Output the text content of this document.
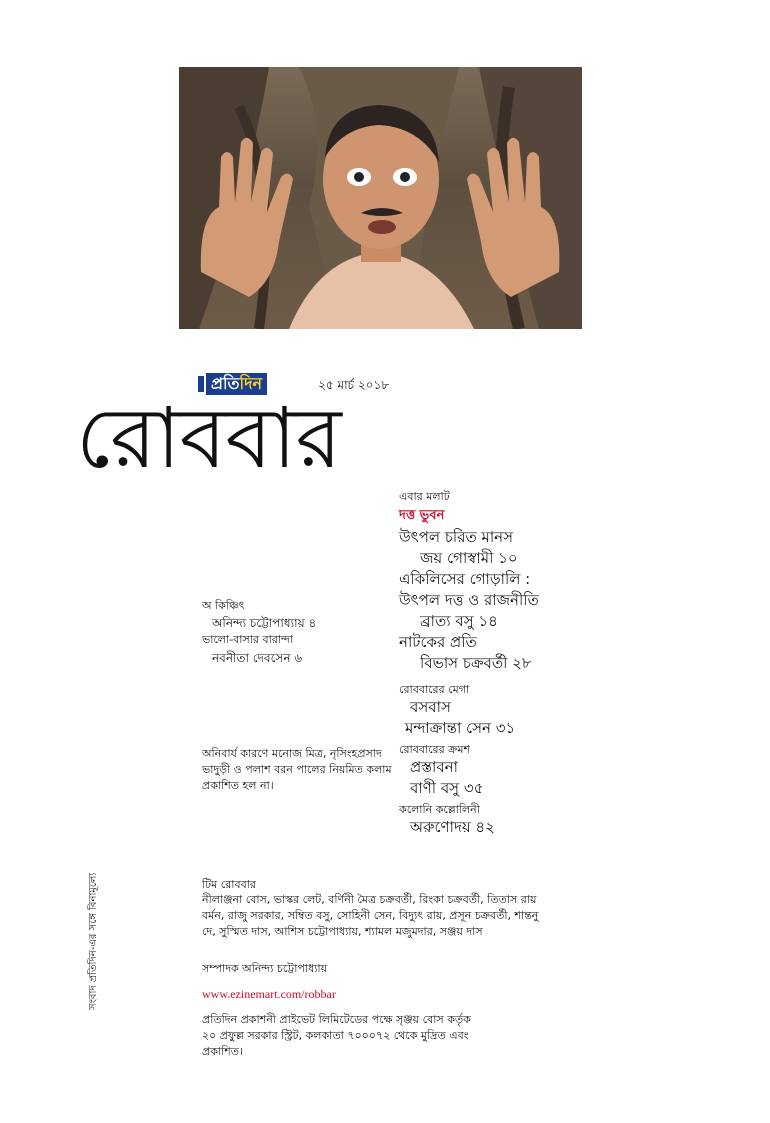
প্রতিদিন	২৫ মার্চ ২০১৮
রোববার
এবার মলাট
দত্ত ভুবন
উৎপল চরিত মানস
জয় গোস্বামী ১০
একিলিসের গোড়ালি :
উৎপল দত্ত ও রাজনীতি
ব্রাত্য বসু ১৪
নাটকের প্রতি
বিভাস চক্রবর্তী ২৮
রোববারের মেগা
বসবাস
মন্দাক্রান্তা সেন ৩১
রোববারের ক্রমশ
প্রস্তাবনা
বাণী বসু ৩৫
কলোনি কল্লোলিনী
অরুণোদয় ৪২
অ কিঞ্চিৎ
অনিন্দ্য চট্টোপাধ্যায় ৪
ভালো-বাসার বারান্দা
নবনীতা দেবসেন ৬
অনিবার্য কারণে মনোজ মিত্র, নৃসিংহপ্রসাদ ভাদুড়ী ও পলাশ বরন পালের নিয়মিত কলাম প্রকাশিত হল না।
সংবাদ প্রতিদিন-এর সঙ্গে বিনামূল্যে	টিম রোববার
নীলাঞ্জনা বোস, ভাস্কর লেট, বর্ণিনী মৈত্র চক্রবর্তী, রিংকা চক্রবর্তী, তিতাস রায় বর্মন, রাজু সরকার, সম্বিত বসু, সোহিনী সেন, বিদ্যুৎ রায়, প্রসূন চক্রবর্তী, শান্তনু দে, সুস্মিত দাস, আশিস চট্টোপাধ্যায়, শ্যামল মজুমদার, সঞ্জয় দাস
সম্পাদক অনিন্দ্য চট্টোপাধ্যায়
www.ezinemart.com/robbar
প্রতিদিন প্রকাশনী প্রাইভেট লিমিটেডের পক্ষে সৃঞ্জয় বোস কর্তৃক ২০ প্রফুল্ল সরকার স্ট্রিট, কলকাতা ৭০০০৭২ থেকে মুদ্রিত এবং প্রকাশিত।
